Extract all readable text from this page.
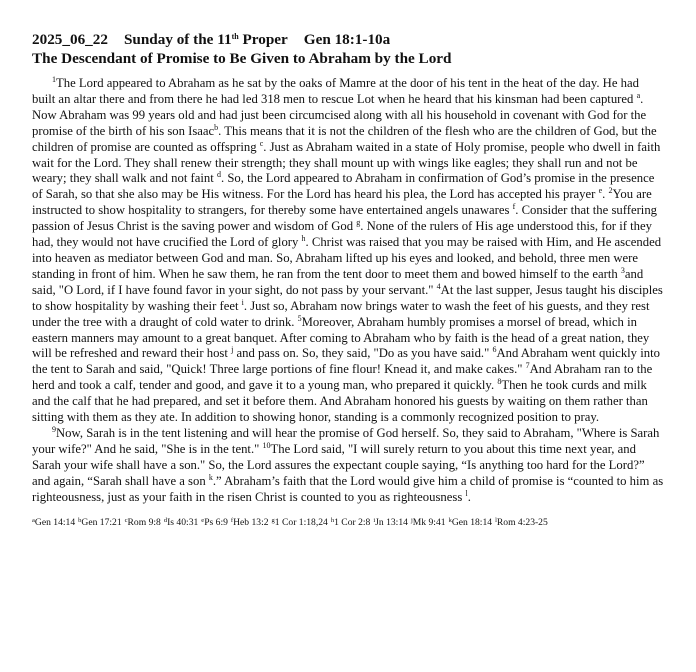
2025_06_22 Sunday of the 11th Proper Gen 18:1-10a
The Descendant of Promise to Be Given to Abraham by the Lord

$^1$The Lord appeared to Abraham as he sat by the oaks of Mamre at the door of his tent in the heat of the day. He had built an altar there and from there he had led 318 men to rescue Lot when he heard that his kinsman had been captured $^a$. Now Abraham was 99 years old and had just been circumcised along with all his household in covenant with God for the promise of the birth of his son Isaac$^b$. This means that it is not the children of the flesh who are the children of God, but the children of promise are counted as offspring $^c$. Just as Abraham waited in a state of Holy promise, people who dwell in faith wait for the Lord. They shall renew their strength; they shall mount up with wings like eagles; they shall run and not be weary; they shall walk and not faint $^d$. So, the Lord appeared to Abraham in confirmation of God’s promise in the presence of Sarah, so that she also may be His witness. For the Lord has heard his plea, the Lord has accepted his prayer $^e$. $^2$You are instructed to show hospitality to strangers, for thereby some have entertained angels unawares $^f$. Consider that the suffering passion of Jesus Christ is the saving power and wisdom of God $^g$. None of the rulers of His age understood this, for if they had, they would not have crucified the Lord of glory $^h$. Christ was raised that you may be raised with Him, and He ascended into heaven as mediator between God and man. So, Abraham lifted up his eyes and looked, and behold, three men were standing in front of him. When he saw them, he ran from the tent door to meet them and bowed himself to the earth $^3$and said, "O Lord, if I have found favor in your sight, do not pass by your servant." $^4$At the last supper, Jesus taught his disciples to show hospitality by washing their feet $^i$. Just so, Abraham now brings water to wash the feet of his guests, and they rest under the tree with a draught of cold water to drink. $^5$Moreover, Abraham humbly promises a morsel of bread, which in eastern manners may amount to a great banquet. After coming to Abraham who by faith is the head of a great nation, they will be refreshed and reward their host $^j$ and pass on. So, they said, "Do as you have said." $^6$And Abraham went quickly into the tent to Sarah and said, "Quick! Three large portions of fine flour! Knead it, and make cakes." $^7$And Abraham ran to the herd and took a calf, tender and good, and gave it to a young man, who prepared it quickly. $^8$Then he took curds and milk and the calf that he had prepared, and set it before them. And Abraham honored his guests by waiting on them rather than sitting with them as they ate. In addition to showing honor, standing is a commonly recognized position to pray.

$^9$Now, Sarah is in the tent listening and will hear the promise of God herself. So, they said to Abraham, "Where is Sarah your wife?" And he said, "She is in the tent." $^{10}$The Lord said, "I will surely return to you about this time next year, and Sarah your wife shall have a son." So, the Lord assures the expectant couple saying, “Is anything too hard for the Lord?” and again, “Sarah shall have a son $^k$.” Abraham’s faith that the Lord would give him a child of promise is “counted to him as righteousness, just as your faith in the risen Christ is counted to you as righteousness $^l$.

$^a$Gen 14:14 $^b$Gen 17:21 $^c$Rom 9:8 $^d$Is 40:31 $^e$Ps 6:9 $^f$Heb 13:2 $^g$1 Cor 1:18,24 $^h$1 Cor 2:8 $^i$Jn 13:14 $^j$Mk 9:41 $^k$Gen 18:14 $^l$Rom 4:23-25
